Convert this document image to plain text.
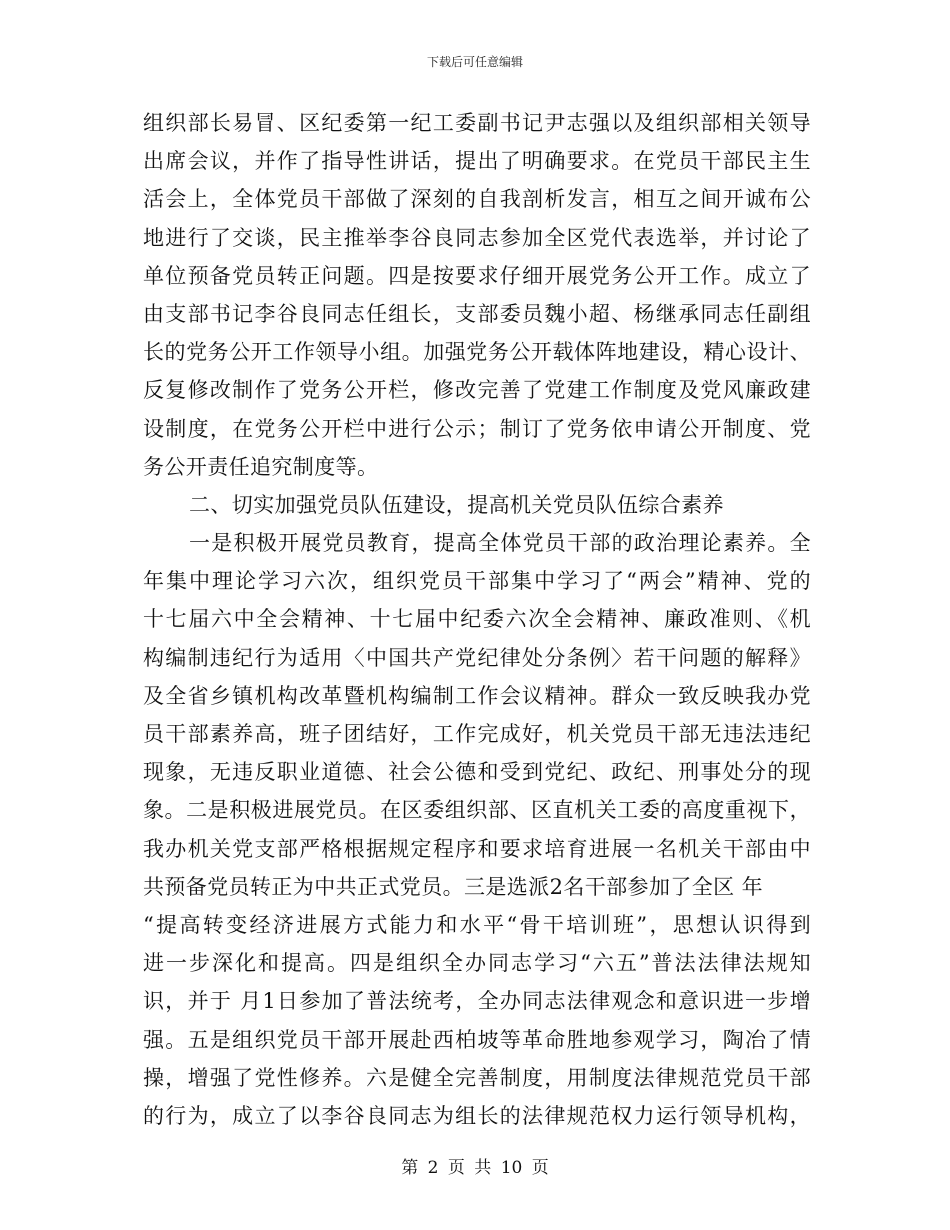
下载后可任意编辑
组织部长易冒、区纪委第一纪工委副书记尹志强以及组织部相关领导
出席会议，并作了指导性讲话，提出了明确要求。在党员干部民主生
活会上，全体党员干部做了深刻的自我剖析发言，相互之间开诚布公
地进行了交谈，民主推举李谷良同志参加全区党代表选举，并讨论了
单位预备党员转正问题。四是按要求仔细开展党务公开工作。成立了
由支部书记李谷良同志任组长，支部委员魏小超、杨继承同志任副组
长的党务公开工作领导小组。加强党务公开载体阵地建设，精心设计、
反复修改制作了党务公开栏，修改完善了党建工作制度及党风廉政建
设制度，在党务公开栏中进行公示；制订了党务依申请公开制度、党
务公开责任追究制度等。
二、切实加强党员队伍建设，提高机关党员队伍综合素养
一是积极开展党员教育，提高全体党员干部的政治理论素养。全
年集中理论学习六次，组织党员干部集中学习了“两会”精神、党的
十七届六中全会精神、十七届中纪委六次全会精神、廉政准则、《机
构编制违纪行为适用〈中国共产党纪律处分条例〉若干问题的解释》
及全省乡镇机构改革暨机构编制工作会议精神。群众一致反映我办党
员干部素养高，班子团结好，工作完成好，机关党员干部无违法违纪
现象，无违反职业道德、社会公德和受到党纪、政纪、刑事处分的现
象。二是积极进展党员。在区委组织部、区直机关工委的高度重视下，
我办机关党支部严格根据规定程序和要求培育进展一名机关干部由中
共预备党员转正为中共正式党员。三是选派2名干部参加了全区 年
“提高转变经济进展方式能力和水平“骨干培训班”，思想认识得到
进一步深化和提高。四是组织全办同志学习“六五”普法法律法规知
识，并于 月1日参加了普法统考，全办同志法律观念和意识进一步增
强。五是组织党员干部开展赴西柏坡等革命胜地参观学习，陶冶了情
操，增强了党性修养。六是健全完善制度，用制度法律规范党员干部
的行为，成立了以李谷良同志为组长的法律规范权力运行领导机构，
第 2 页 共 10 页
